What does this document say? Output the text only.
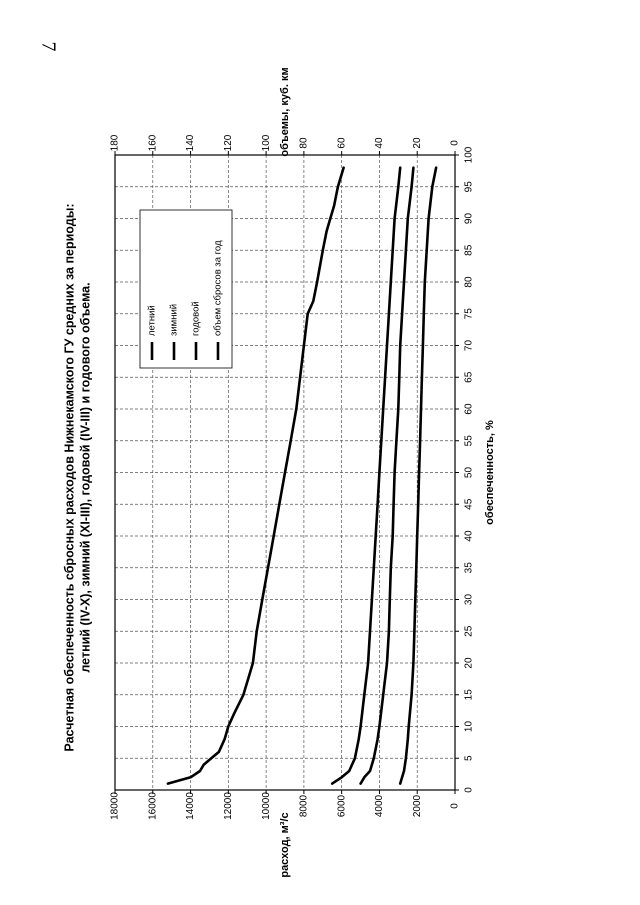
7
0
5
10
15
20
25
30
35
40
45
50
55
60
65
70
75
80
85
90
95
100
0
2000
4000
6000
8000
10000
12000
14000
16000
18000
0
20
40
60
80
100
120
140
160
180
обеспеченность, %
расход, м³/с
объемы, куб. км
Расчетная обеспеченность сбросных расходов Нижнекамского ГУ средних за периоды: летний (IV-X), зимний (XI-III), годовой (IV-III) и годового объема.	летний зимний годовой объем сбросов за год
